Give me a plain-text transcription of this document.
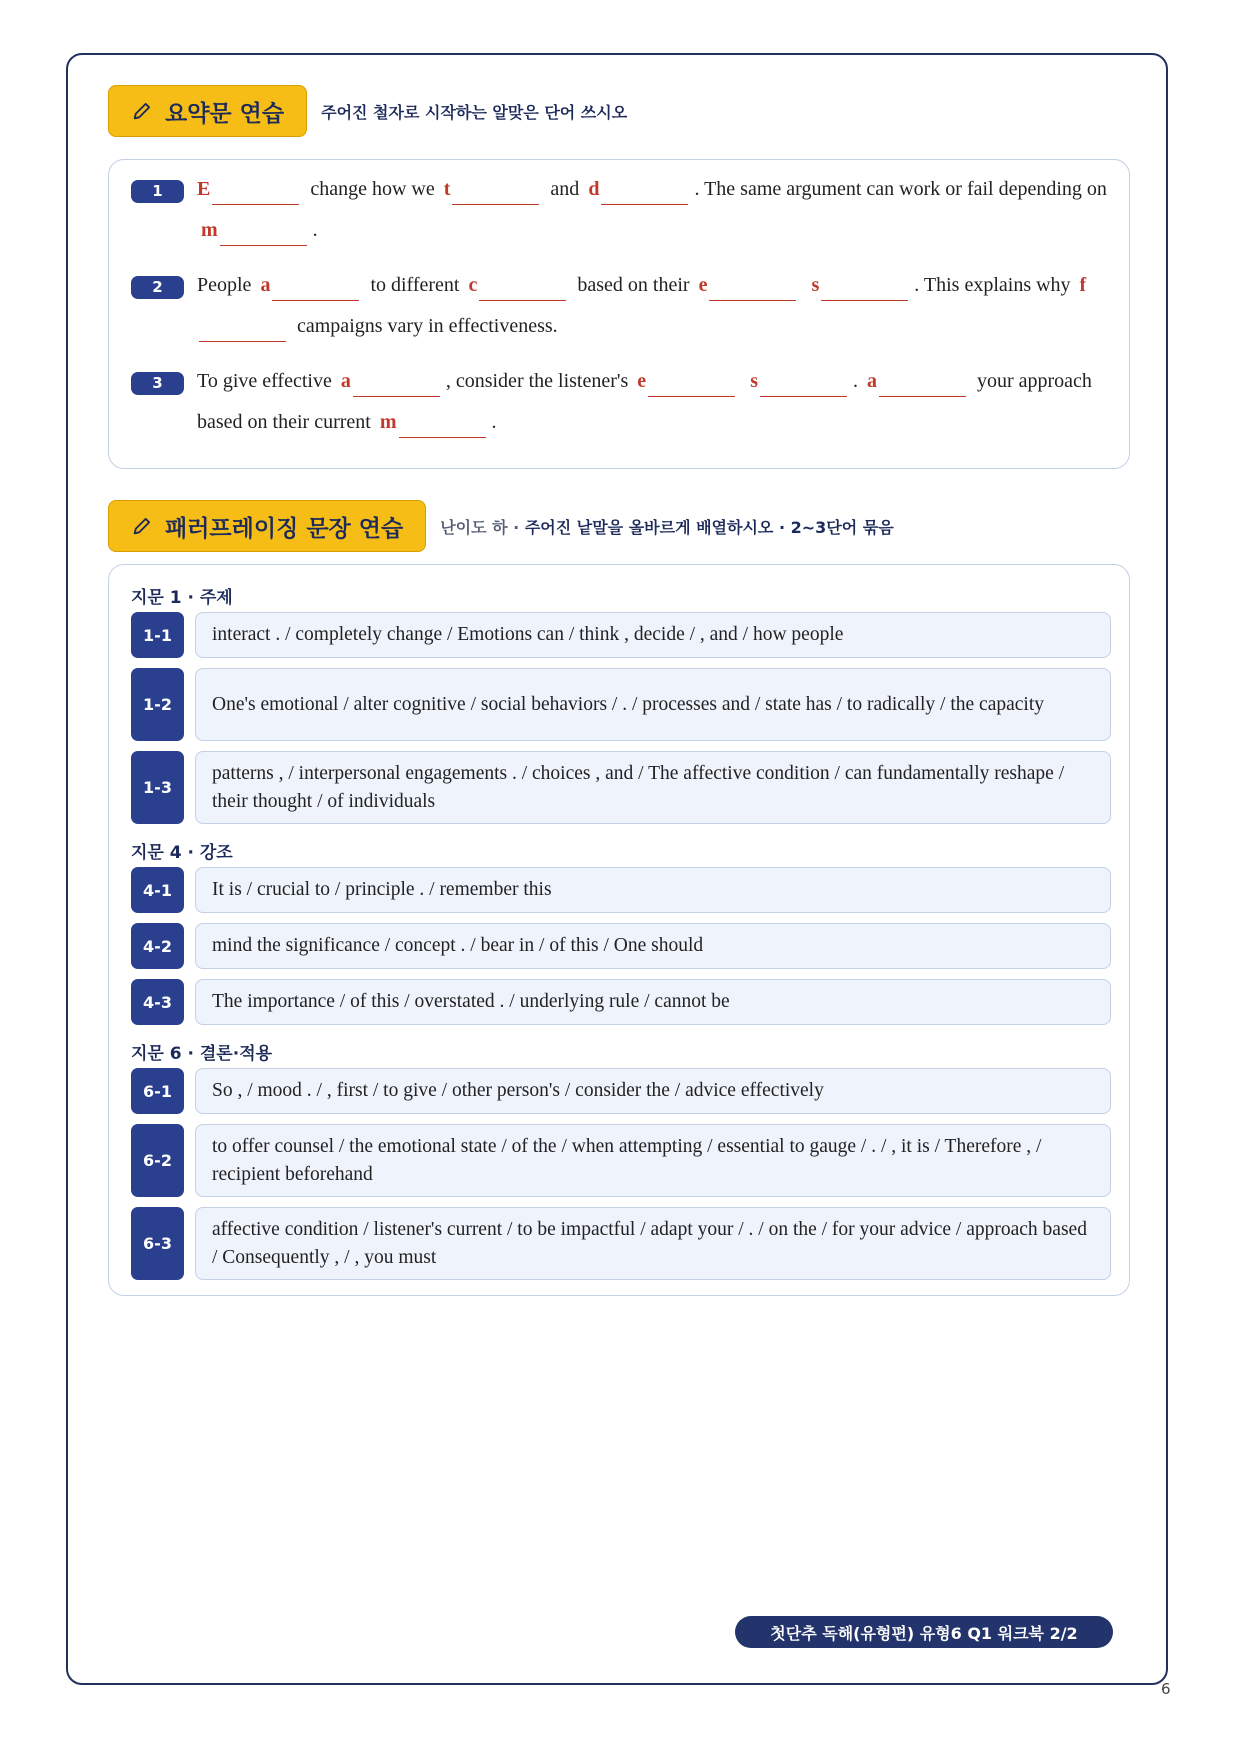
요약문 연습 주어진 철자로 시작하는 알맞은 단어 쓰시오
1	E	change how we t	and d	. The same argument can work or fail depending on m	.
2	People a	to different c	based on their e	s	. This explains why f campaigns vary in effectiveness.
3	To give effective a	, consider the listener's e	s	. a	your approach based on their current m	.
패러프레이징 문장 연습 난이도 하 · 주어진 낱말을 올바르게 배열하시오 · 2~3단어 묶음
지문 1 · 주제
1-1	interact . / completely change / Emotions can / think , decide / , and / how people
1-2	One's emotional / alter cognitive / social behaviors / . / processes and / state has / to radically / the capacity
1-3
patterns , / interpersonal engagements . / choices , and / The affective condition / can fundamentally reshape / their thought / of individuals
지문 4 · 강조
4-1	It is / crucial to / principle . / remember this
4-2	mind the significance / concept . / bear in / of this / One should
4-3	The importance / of this / overstated . / underlying rule / cannot be
지문 6 · 결론·적용
6-1	So , / mood . / , first / to give / other person's / consider the / advice effectively
6-2
to offer counsel / the emotional state / of the / when attempting / essential to gauge / . / , it is / Therefore , / recipient beforehand
6-3
affective condition / listener's current / to be impactful / adapt your / . / on the / for your advice / approach based / Consequently , / , you must
첫단추 독해(유형편) 유형6 Q1 워크북 2/2
6
